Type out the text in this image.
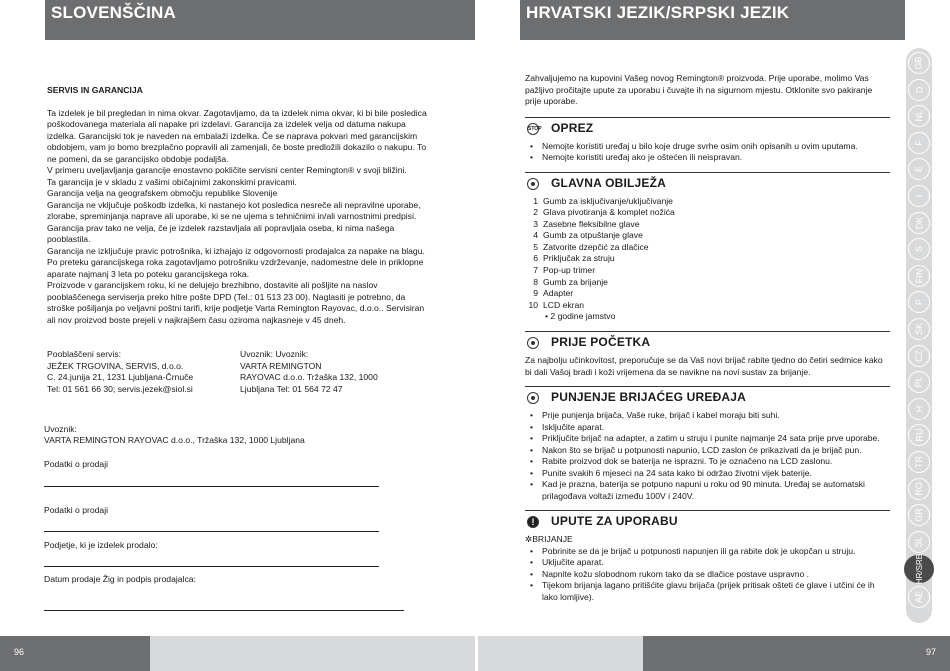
SLOVENŠČINA	HRVATSKI JEZIK/SRPSKI JEZIK
SERVIS IN GARANCIJA

Ta izdelek je bil pregledan in nima okvar. Zagotavljamo, da ta izdelek nima okvar, ki bi bile posledica poškodovanega materiala ali napake pri izdelavi. Garancija za izdelek velja od datuma nakupa izdelka. Garancijski tok je naveden na embalaži izdelka. Če se naprava pokvari med garancijskim obdobjem, vam jo bomo brezplačno popravili ali zamenjali, če boste predložili dokazilo o nakupu. To ne pomeni, da se garancijsko obdobje podaljša.

V primeru uveljavljanja garancije enostavno pokličite servisni center Remington® v svoji bližini.

Ta garancija je v skladu z vašimi običajnimi zakonskimi pravicami.

Garancija velja na geografskem območju republike Slovenije

Garancija ne vključuje poškodb izdelka, ki nastanejo kot posledica nesreče ali nepravilne uporabe, zlorabe, spreminjanja naprave ali uporabe, ki se ne ujema s tehničnimi in/ali varnostnimi predpisi. Garancija prav tako ne velja, če je izdelek razstavljala ali popravljala oseba, ki nima našega pooblastila.

Garancija ne izključuje pravic potrošnika, ki izhajajo iz odgovornosti prodajalca za napake na blagu.

Po preteku garancijskega roka zagotavljamo potrošniku vzdrževanje, nadomestne dele in priklopne aparate najmanj 3 leta po poteku garancijskega roka.

Proizvode v garancijskem roku, ki ne delujejo brezhibno, dostavite ali pošljite na naslov pooblaščenega serviserja preko hitre pošte DPD (Tel.: 01 513 23 00). Naglasiti je potrebno, da stroške pošiljanja po veljavni poštni tarifi, krije podjetje Varta Remington Rayovac, d.o.o.. Servisiran ali nov proizvod boste prejeli v najkrajšem času oziroma najkasneje v 45 dneh.

Pooblaščeni servis:
JEŽEK TRGOVINA, SERVIS, d.o.o.
C. 24.junija 21, 1231 Ljubljana-Črnuče
Tel: 01 561 66 30; servis.jezek@siol.si
Uvoznik: Uvoznik:
VARTA REMINGTON
RAYOVAC d.o.o. Tržaška 132, 1000
Ljubljana Tel: 01 564 72 47
Uvoznik:
VARTA REMINGTON RAYOVAC d.o.o., Tržaška 132, 1000 Ljubljana
Podatki o prodaji
Podatki o prodaji
Podjetje, ki je izdelek prodalo:
Datum prodaje Žig in podpis prodajalca:

Zahvaljujemo na kupovini Vašeg novog Remington® proizvoda. Prije uporabe, molimo Vas pažljivo pročitajte upute za uporabu i čuvajte ih na sigurnom mjestu. Otklonite svo pakiranje prije uporabe.

STOP OPREZ
• Nemojte koristiti uređaj u bilo koje druge svrhe osim onih opisanih u ovim uputama.
• Nemojte koristiti uređaj ako je oštećen ili neispravan.
GLAVNA OBILJEŽA
1 Gumb za isključivanje/uključivanje
2 Glava pivotiranja & komplet nožića
3 Zasebne fleksibilne glave
4 Gumb za otpuštanje glave
5 Zatvorite dzepčić za dlačice
6 Priključak za struju
7 Pop-up trimer
8 Gumb za brijanje
9 Adapter
10 LCD ekran
• 2 godine jamstvo
PRIJE POČETKA

Za najbolju učinkovitost, preporučuje se da Vaš novi brijač rabite tjedno do četiri sedmice kako bi dali Vašoj bradi i koži vrijemena da se navikne na novi sustav za brijanje.

PUNJENJE BRIJAĆEG UREĐAJA
• Prije punjenja brijača, Vaše ruke, brijač i kabel moraju biti suhi.
• Isključite aparat.
• Priključite brijač na adapter, a zatim u struju i punite najmanje 24 sata prije prve uporabe.
• Nakon što se brijač u potpunosti napunio, LCD zaslon će prikazivati da je brijač pun.
• Rabite proizvod dok se baterija ne isprazni. To je označeno na LCD zaslonu.
• Punite svakih 6 mjeseci na 24 sata kako bi održao životni vijek baterije.
• Kad je prazna, baterija se potpuno napuni u roku od 90 minuta. Uređaj se automatski prilagođava voltaži između 100V i 240V.
!	UPUTE ZA UPORABU
✲BRIJANJE
• Pobrinite se da je brijač u potpunosti napunjen ili ga rabite dok je ukopčan u struju.
• Uključite aparat.
• Napnite kožu slobodnom rukom tako da se dlačice postave usprav​no .
• Tijekom brijanja lagano pritišćite glavu brijača (prijek pritisak ošteti će glave i utčini će ih lako lomljive).
GB
D
NL
F
E
I
DK
S
FIN
P
SK
CZ
PL
H
RU
TR
RO
GR
SL
HR/SRB
AE
96	97
